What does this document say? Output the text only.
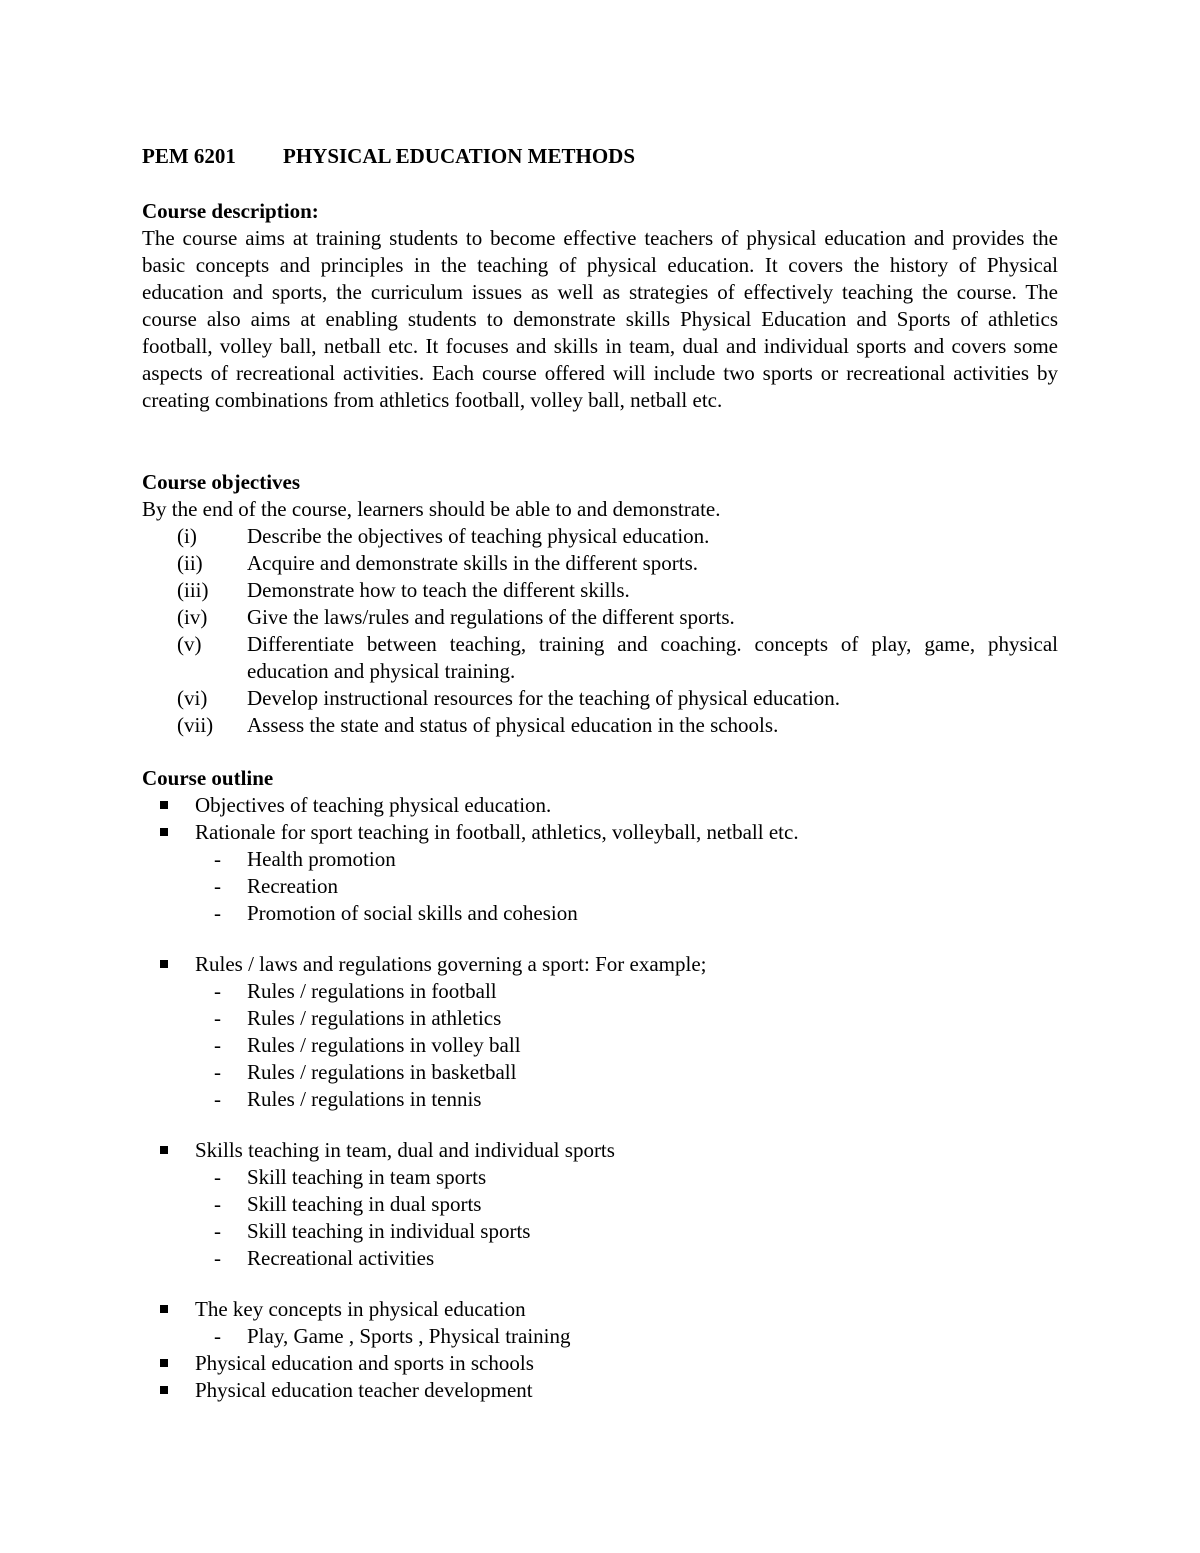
PEM 6201 PHYSICAL EDUCATION METHODS
Course description:
The course aims at training students to become effective teachers of physical education and provides the basic concepts and principles in the teaching of physical education. It covers the history of Physical education and sports, the curriculum issues as well as strategies of effectively teaching the course. The course also aims at enabling students to demonstrate skills Physical Education and Sports of athletics football, volley ball, netball etc. It focuses and skills in team, dual and individual sports and covers some aspects of recreational activities. Each course offered will include two sports or recreational activities by creating combinations from athletics football, volley ball, netball etc.
Course objectives
By the end of the course, learners should be able to and demonstrate.
(i) Describe the objectives of teaching physical education.
(ii) Acquire and demonstrate skills in the different sports.
(iii) Demonstrate how to teach the different skills.
(iv) Give the laws/rules and regulations of the different sports.
(v) Differentiate between teaching, training and coaching. concepts of play, game, physical education and physical training.
(vi) Develop instructional resources for the teaching of physical education.
(vii) Assess the state and status of physical education in the schools.
Course outline
Objectives of teaching physical education.
Rationale for sport teaching in football, athletics, volleyball, netball etc.
- Health promotion
- Recreation
- Promotion of social skills and cohesion
Rules / laws and regulations governing a sport: For example;
- Rules / regulations in football
- Rules / regulations in athletics
- Rules / regulations in volley ball
- Rules / regulations in basketball
- Rules / regulations in tennis
Skills teaching in team, dual and individual sports
- Skill teaching in team sports
- Skill teaching in dual sports
- Skill teaching in individual sports
- Recreational activities
The key concepts in physical education
- Play, Game , Sports , Physical training
Physical education and sports in schools
Physical education teacher development
